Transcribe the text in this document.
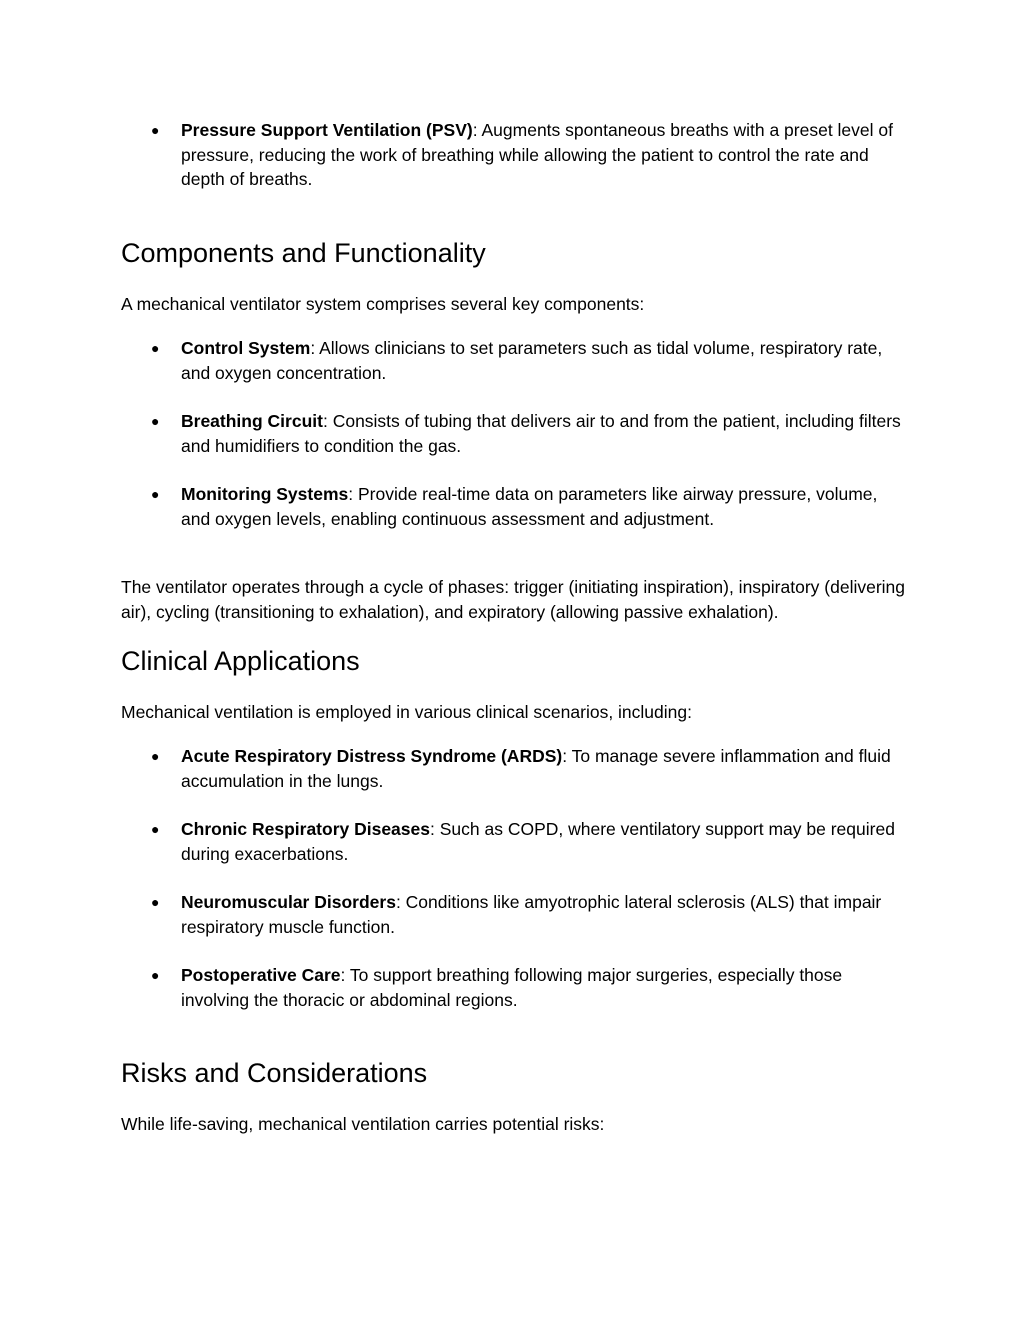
● Pressure Support Ventilation (PSV): Augments spontaneous breaths with a preset level of pressure, reducing the work of breathing while allowing the patient to control the rate and depth of breaths.
Components and Functionality

A mechanical ventilator system comprises several key components:

● Control System: Allows clinicians to set parameters such as tidal volume, respiratory rate, and oxygen concentration.
● Breathing Circuit: Consists of tubing that delivers air to and from the patient, including filters and humidifiers to condition the gas.
● Monitoring Systems: Provide real-time data on parameters like airway pressure, volume, and oxygen levels, enabling continuous assessment and adjustment.

The ventilator operates through a cycle of phases: trigger (initiating inspiration), inspiratory (delivering air), cycling (transitioning to exhalation), and expiratory (allowing passive exhalation).

Clinical Applications

Mechanical ventilation is employed in various clinical scenarios, including:

● Acute Respiratory Distress Syndrome (ARDS): To manage severe inflammation and fluid accumulation in the lungs.
● Chronic Respiratory Diseases: Such as COPD, where ventilatory support may be required during exacerbations.
● Neuromuscular Disorders: Conditions like amyotrophic lateral sclerosis (ALS) that impair respiratory muscle function.
● Postoperative Care: To support breathing following major surgeries, especially those involving the thoracic or abdominal regions.
Risks and Considerations

While life-saving, mechanical ventilation carries potential risks:
